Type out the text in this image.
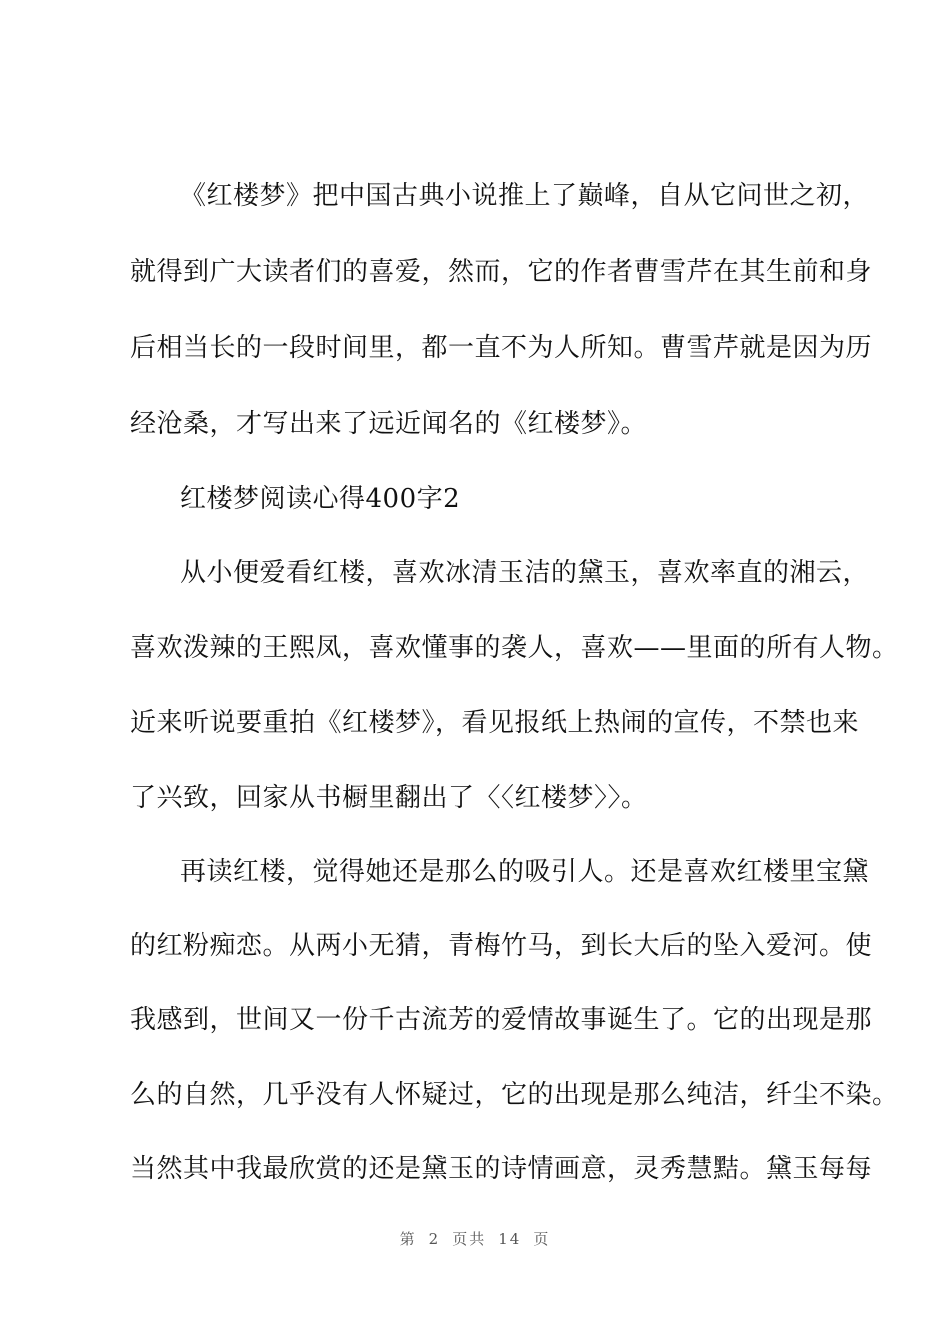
《红楼梦》把中国古典小说推上了巅峰，自从它问世之初，
就得到广大读者们的喜爱，然而，它的作者曹雪芹在其生前和身
后相当长的一段时间里，都一直不为人所知。曹雪芹就是因为历
经沧桑，才写出来了远近闻名的《红楼梦》。
红楼梦阅读心得400字2
从小便爱看红楼，喜欢冰清玉洁的黛玉，喜欢率直的湘云，
喜欢泼辣的王熙凤，喜欢懂事的袭人，喜欢——里面的所有人物。
近来听说要重拍《红楼梦》，看见报纸上热闹的宣传，不禁也来
了兴致，回家从书橱里翻出了〈〈红楼梦〉〉。
再读红楼，觉得她还是那么的吸引人。还是喜欢红楼里宝黛
的红粉痴恋。从两小无猜，青梅竹马，到长大后的坠入爱河。使
我感到，世间又一份千古流芳的爱情故事诞生了。它的出现是那
么的自然，几乎没有人怀疑过，它的出现是那么纯洁，纤尘不染。
当然其中我最欣赏的还是黛玉的诗情画意，灵秀慧黠。黛玉每每
第 2 页共 14 页
